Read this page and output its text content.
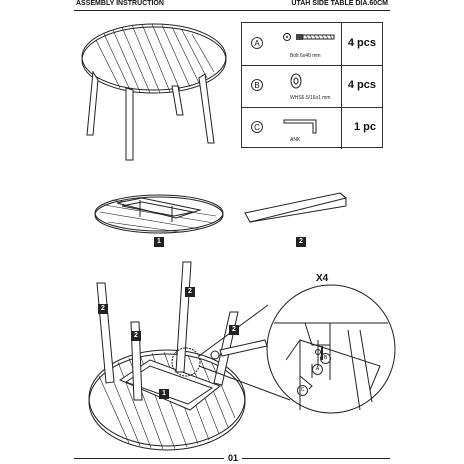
ASSEMBLY INSTRUCTION	UTAH SIDE TABLE DIA.60CM
A
Bolt 6x40 mm
4 pcs
B
WHS6.5/16x1 mm
4 pcs
C
ANK
1 pc
1	2
X4
2
2
2
2
1
B
A
C
01
